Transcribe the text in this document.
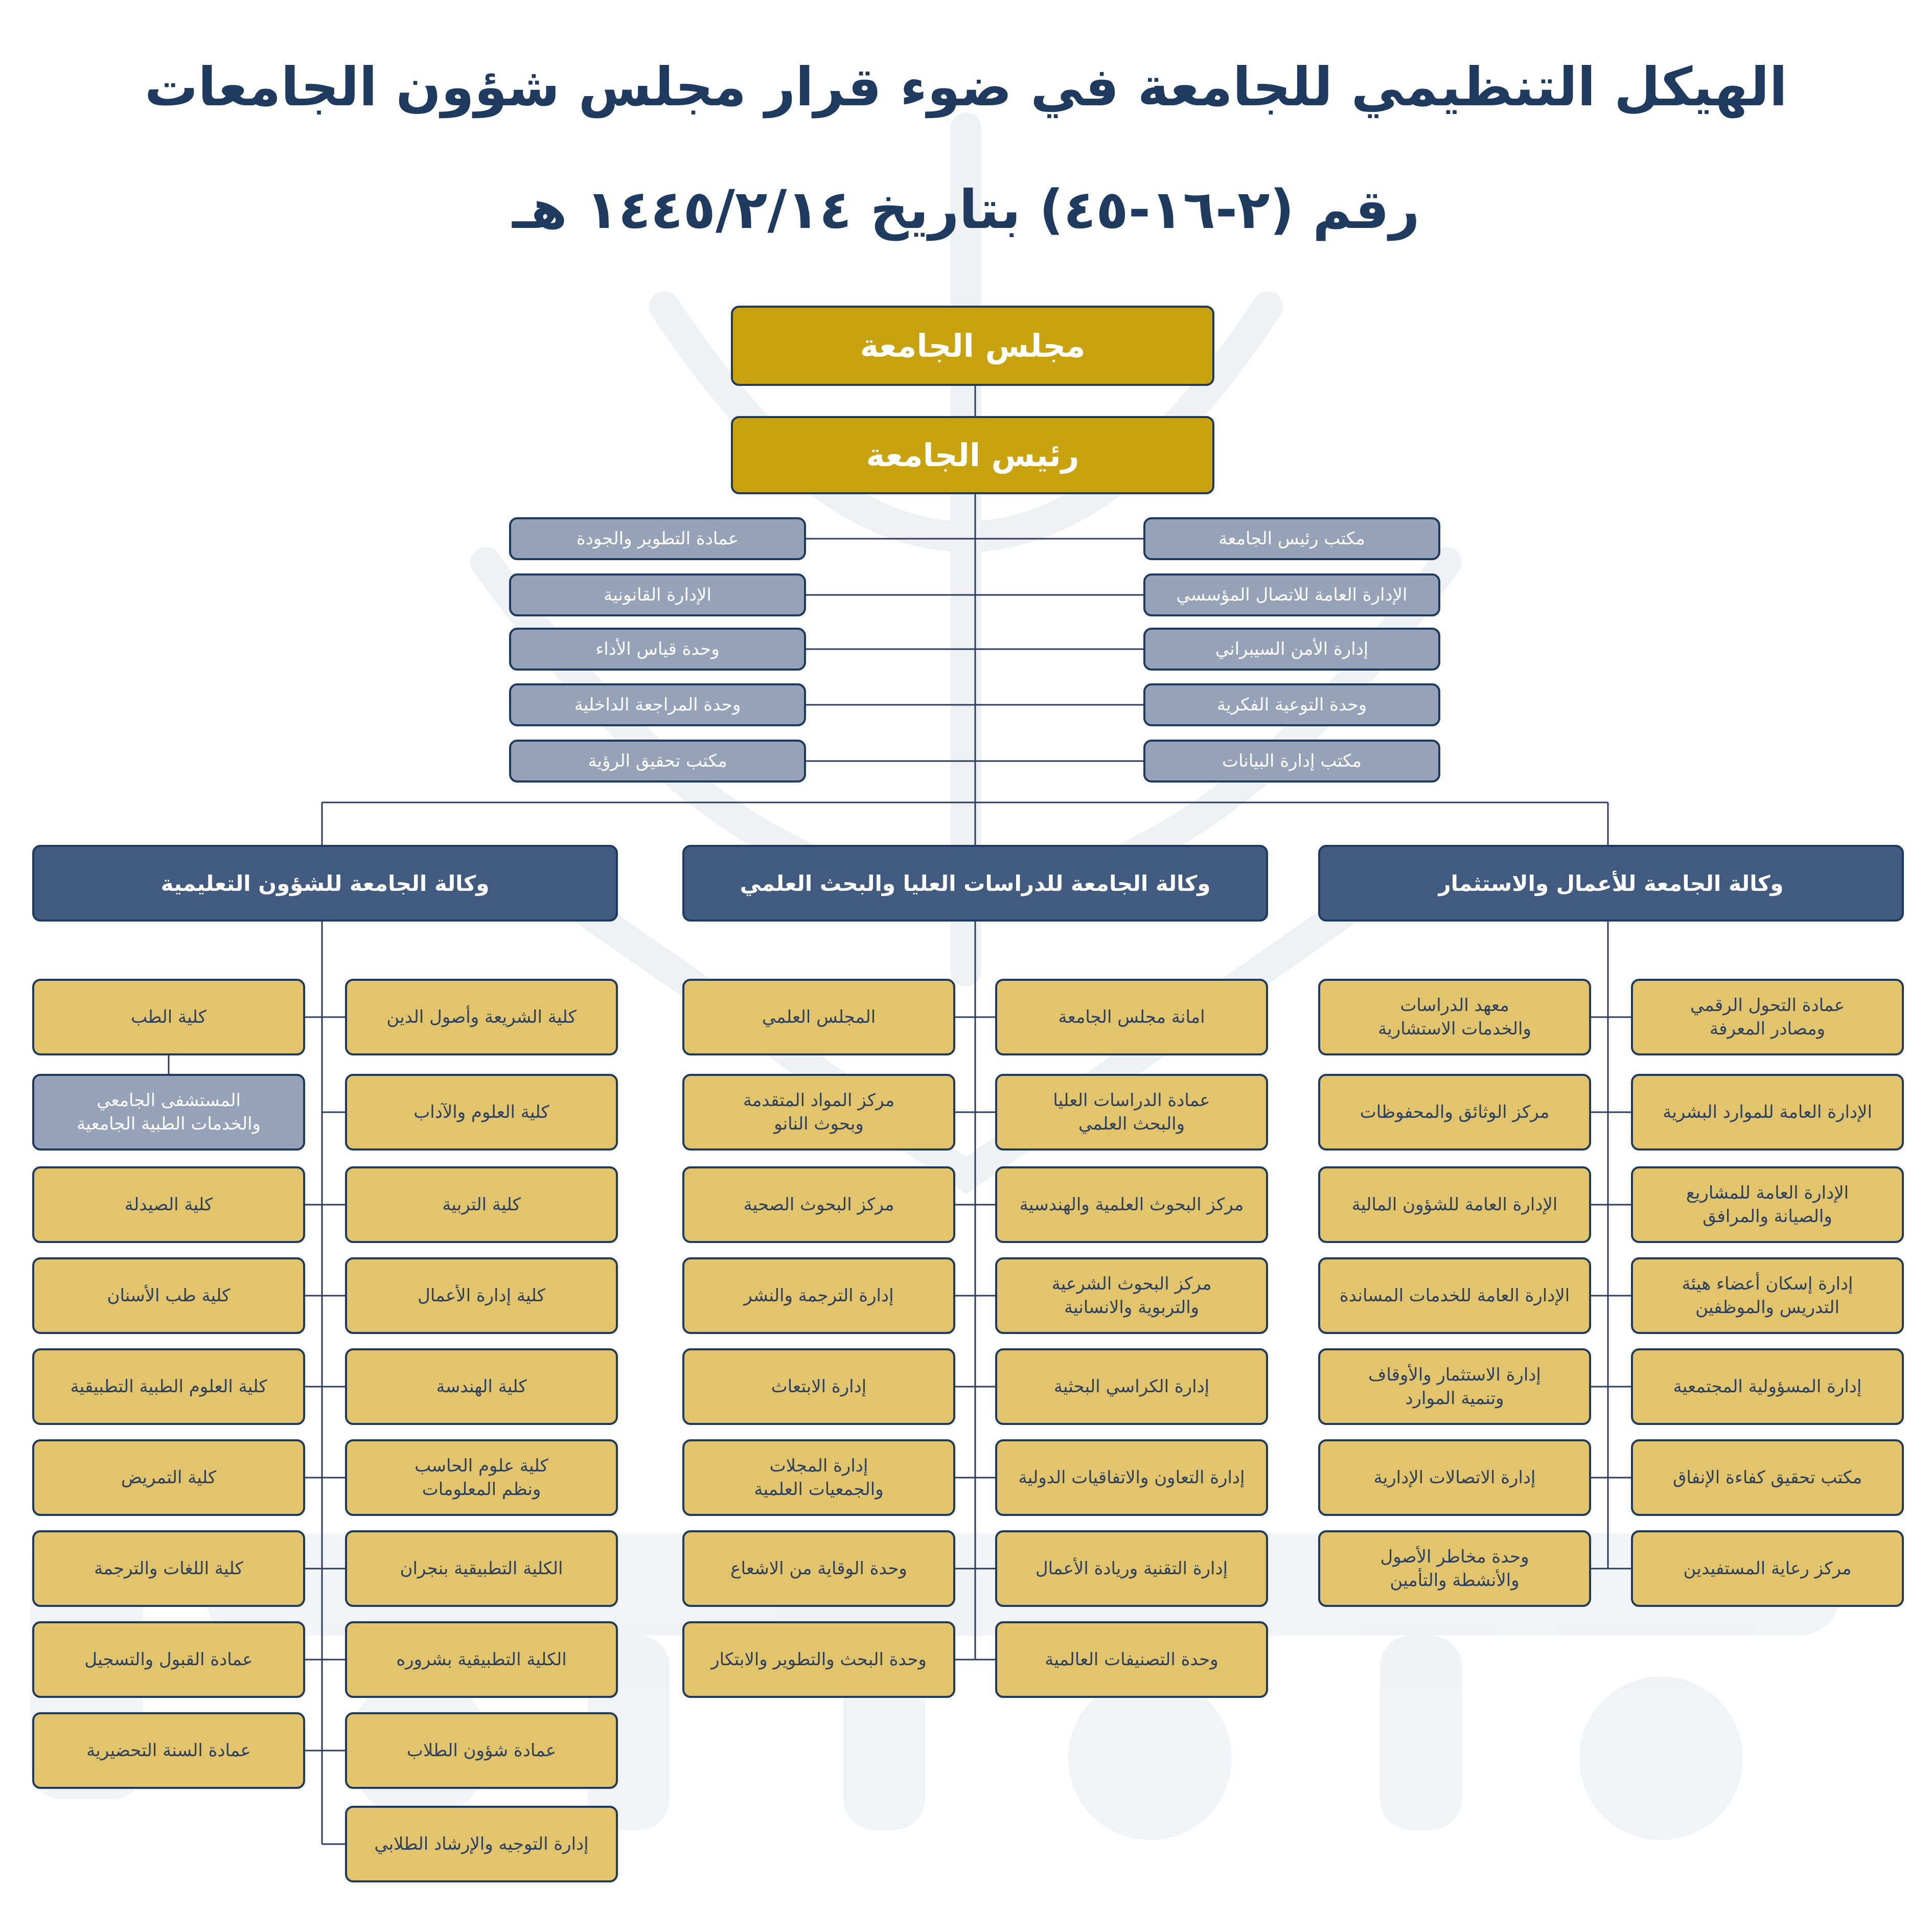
الهيكل التنظيمي للجامعة في ضوء قرار مجلس شؤون الجامعات
رقم (٢-١٦-٤٥) بتاريخ ١٤٤٥/٢/١٤ هـ
مجلس الجامعة
رئيس الجامعة
وكالة الجامعة للشؤون التعليمية	وكالة الجامعة للدراسات العليا والبحث العلمي	وكالة الجامعة للأعمال والاستثمار
عمادة التطوير والجودة
الإدارة القانونية
وحدة قياس الأداء
وحدة المراجعة الداخلية
مكتب تحقيق الرؤية
مكتب رئيس الجامعة
الإدارة العامة للاتصال المؤسسي
إدارة الأمن السيبراني
وحدة التوعية الفكرية
مكتب إدارة البيانات
كلية الشريعة وأصول الدين
كلية العلوم والآداب
كلية التربية
كلية إدارة الأعمال
كلية الهندسة
كلية علوم الحاسب
ونظم المعلومات
الكلية التطبيقية بنجران
الكلية التطبيقية بشروره
عمادة شؤون الطلاب
إدارة التوجيه والإرشاد الطلابي
كلية الطب
المستشفى الجامعي
والخدمات الطبية الجامعية
كلية الصيدلة
كلية طب الأسنان
كلية العلوم الطبية التطبيقية
كلية التمريض
كلية اللغات والترجمة
عمادة القبول والتسجيل
عمادة السنة التحضيرية
امانة مجلس الجامعة
عمادة الدراسات العليا
والبحث العلمي
مركز البحوث العلمية والهندسية
مركز البحوث الشرعية
والتربوية والانسانية
إدارة الكراسي البحثية
إدارة التعاون والاتفاقيات الدولية
إدارة التقنية وريادة الأعمال
وحدة التصنيفات العالمية
المجلس العلمي
مركز المواد المتقدمة
وبحوث النانو
مركز البحوث الصحية
إدارة الترجمة والنشر
إدارة الابتعاث
إدارة المجلات
والجمعيات العلمية
وحدة الوقاية من الاشعاع
وحدة البحث والتطوير والابتكار
عمادة التحول الرقمي
ومصادر المعرفة
الإدارة العامة للموارد البشرية
الإدارة العامة للمشاريع
والصيانة والمرافق
إدارة إسكان أعضاء هيئة
التدريس والموظفين
إدارة المسؤولية المجتمعية
مكتب تحقيق كفاءة الإنفاق
مركز رعاية المستفيدين
معهد الدراسات
والخدمات الاستشارية
مركز الوثائق والمحفوظات
الإدارة العامة للشؤون المالية
الإدارة العامة للخدمات المساندة
إدارة الاستثمار والأوقاف
وتنمية الموارد
إدارة الاتصالات الإدارية
وحدة مخاطر الأصول
والأنشطة والتأمين
